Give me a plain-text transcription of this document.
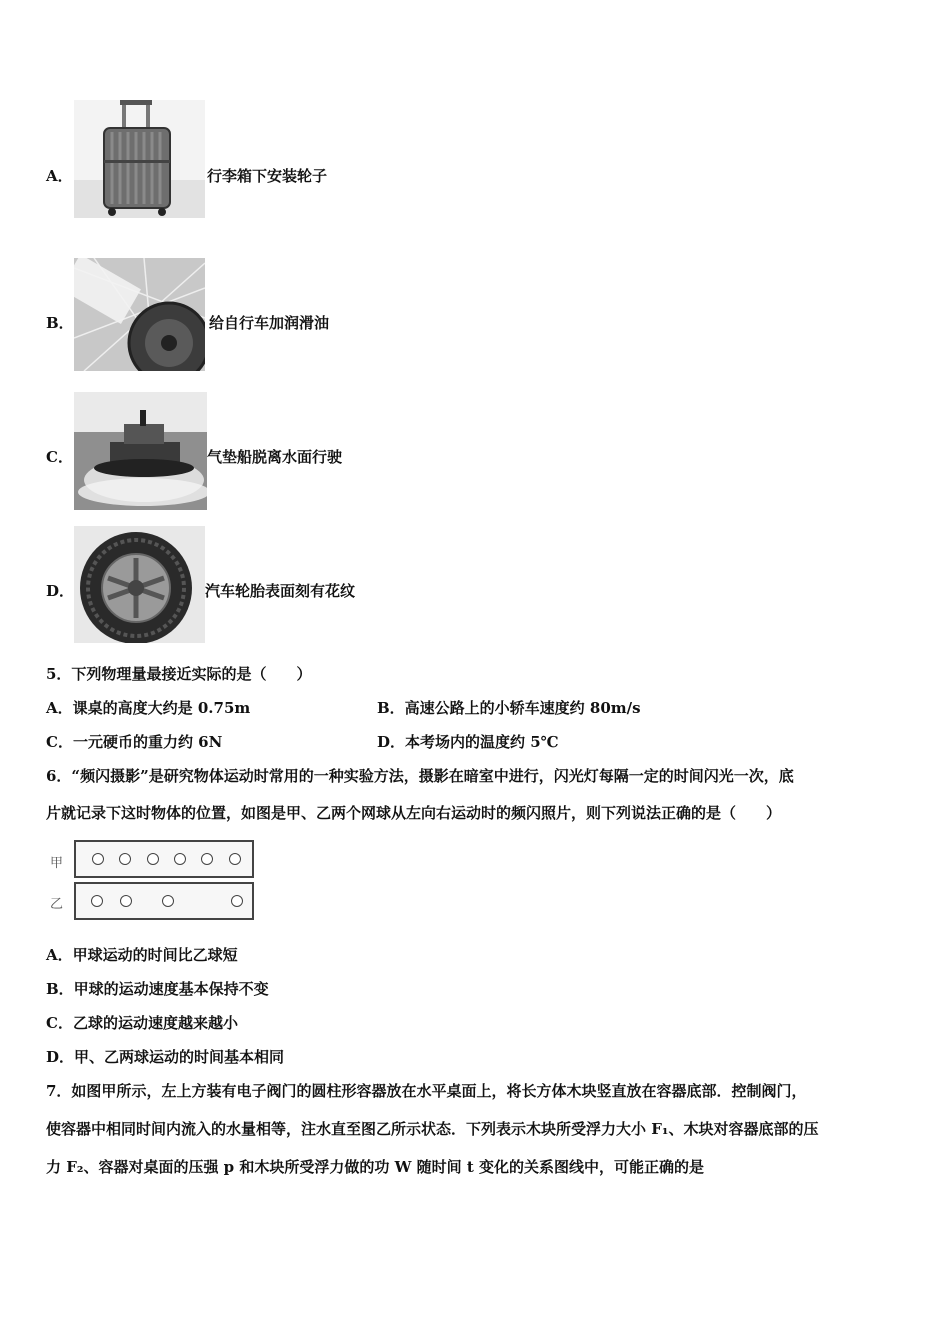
A．	行李箱下安装轮子
B．	给自行车加润滑油
C．	气垫船脱离水面行驶
D．	汽车轮胎表面刻有花纹
5．下列物理量最接近实际的是（　　）
A．课桌的高度大约是 0.75m	B．高速公路上的小轿车速度约 80m/s
C．一元硬币的重力约 6N	D．本考场内的温度约 5℃
6．“频闪摄影”是研究物体运动时常用的一种实验方法，摄影在暗室中进行，闪光灯每隔一定的时间闪光一次，底
片就记录下这时物体的位置，如图是甲、乙两个网球从左向右运动时的频闪照片，则下列说法正确的是（　　）
甲
乙
A．甲球运动的时间比乙球短
B．甲球的运动速度基本保持不变
C．乙球的运动速度越来越小
D．甲、乙两球运动的时间基本相同
7．如图甲所示，左上方装有电子阀门的圆柱形容器放在水平桌面上，将长方体木块竖直放在容器底部．控制阀门，
使容器中相同时间内流入的水量相等，注水直至图乙所示状态．下列表示木块所受浮力大小 F₁、木块对容器底部的压
力 F₂、容器对桌面的压强 p 和木块所受浮力做的功 W 随时间 t 变化的关系图线中，可能正确的是
